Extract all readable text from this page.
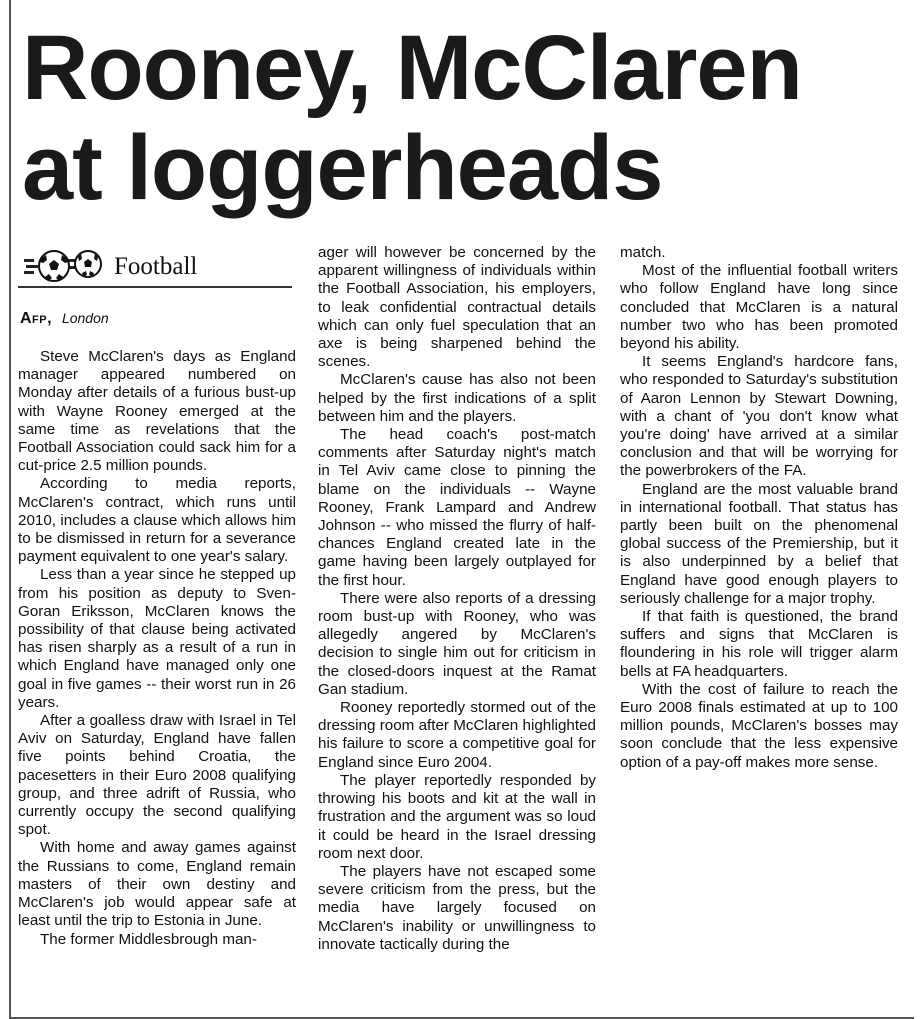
Rooney, McClaren
at loggerheads
Football
Afp, London

Steve McClaren's days as England manager appeared numbered on Monday after details of a furious bust-up with Wayne Rooney emerged at the same time as revelations that the Football Association could sack him for a cut-price 2.5 million pounds.

According to media reports, McClaren's contract, which runs until 2010, includes a clause which allows him to be dismissed in return for a severance payment equivalent to one year's salary.

Less than a year since he stepped up from his position as deputy to Sven-Goran Eriksson, McClaren knows the possibility of that clause being activated has risen sharply as a result of a run in which England have managed only one goal in five games -- their worst run in 26 years.

After a goalless draw with Israel in Tel Aviv on Saturday, England have fallen five points behind Croatia, the pacesetters in their Euro 2008 qualifying group, and three adrift of Russia, who currently occupy the second qualifying spot.

With home and away games against the Russians to come, England remain masters of their own destiny and McClaren's job would appear safe at least until the trip to Estonia in June.

The former Middlesbrough man-

ager will however be concerned by the apparent willingness of individuals within the Football Association, his employers, to leak confidential contractual details which can only fuel speculation that an axe is being sharpened behind the scenes.

McClaren's cause has also not been helped by the first indications of a split between him and the players.

The head coach's post-match comments after Saturday night's match in Tel Aviv came close to pinning the blame on the individuals -- Wayne Rooney, Frank Lampard and Andrew Johnson -- who missed the flurry of half-chances England created late in the game having been largely outplayed for the first hour.

There were also reports of a dressing room bust-up with Rooney, who was allegedly angered by McClaren's decision to single him out for criticism in the closed-doors inquest at the Ramat Gan stadium.

Rooney reportedly stormed out of the dressing room after McClaren highlighted his failure to score a competitive goal for England since Euro 2004.

The player reportedly responded by throwing his boots and kit at the wall in frustration and the argument was so loud it could be heard in the Israel dressing room next door.

The players have not escaped some severe criticism from the press, but the media have largely focused on McClaren's inability or unwillingness to innovate tactically during the

match.

Most of the influential football writers who follow England have long since concluded that McClaren is a natural number two who has been promoted beyond his ability.

It seems England's hardcore fans, who responded to Saturday's substitution of Aaron Lennon by Stewart Downing, with a chant of 'you don't know what you're doing' have arrived at a similar conclusion and that will be worrying for the powerbrokers of the FA.

England are the most valuable brand in international football. That status has partly been built on the phenomenal global success of the Premiership, but it is also underpinned by a belief that England have good enough players to seriously challenge for a major trophy.

If that faith is questioned, the brand suffers and signs that McClaren is floundering in his role will trigger alarm bells at FA headquarters.

With the cost of failure to reach the Euro 2008 finals estimated at up to 100 million pounds, McClaren's bosses may soon conclude that the less expensive option of a pay-off makes more sense.
